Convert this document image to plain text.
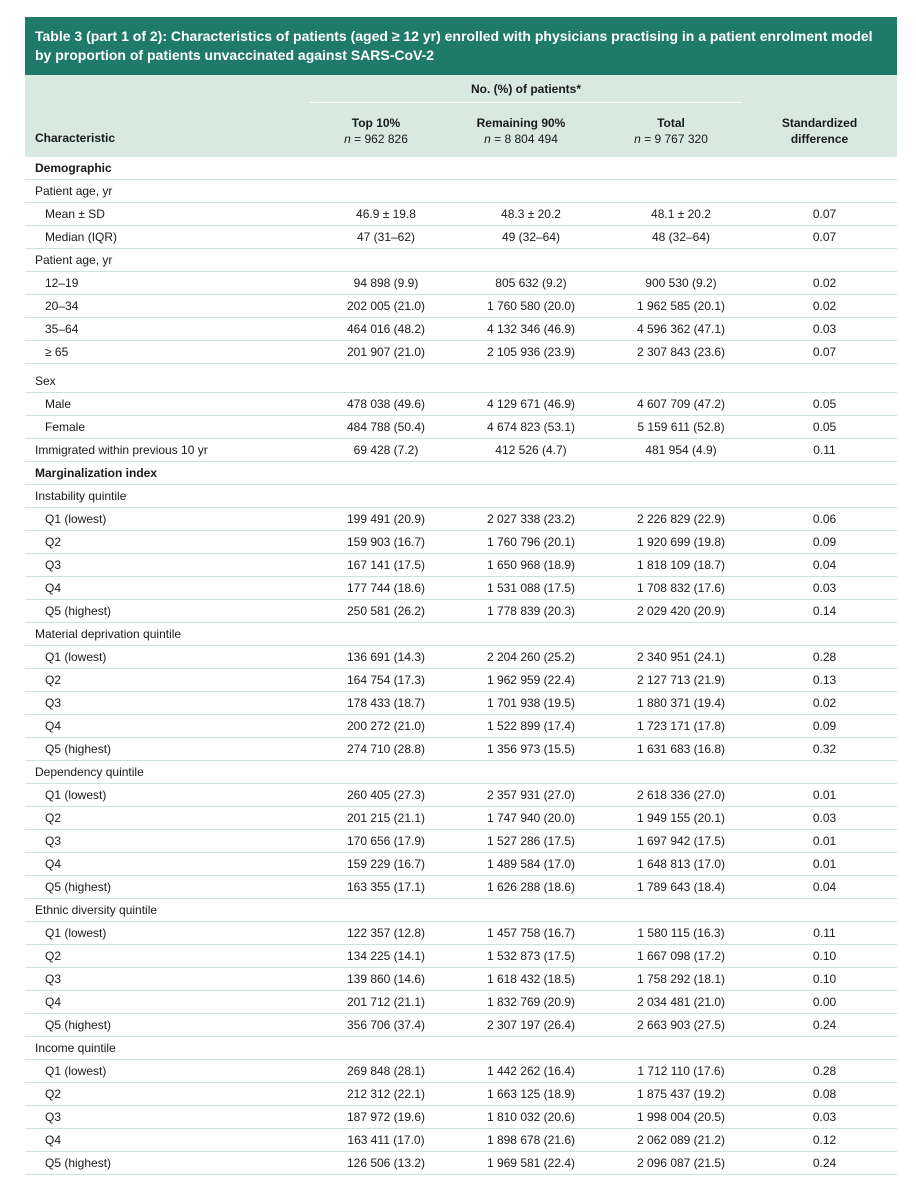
Table 3 (part 1 of 2): Characteristics of patients (aged ≥ 12 yr) enrolled with physicians practising in a patient enrolment model by proportion of patients unvaccinated against SARS-CoV-2
No. (%) of patients*
Top 10%
n = 962 826
Remaining 90%
n = 8 804 494
Total
n = 9 767 320
Standardized
difference
Characteristic
Demographic				
Patient age, yr				
Mean ± SD	46.9 ± 19.8	48.3 ± 20.2	48.1 ± 20.2	0.07
Median (IQR)	47 (31–62)	49 (32–64)	48 (32–64)	0.07
Patient age, yr				
12–19	94 898 (9.9)	805 632 (9.2)	900 530 (9.2)	0.02
20–34	202 005 (21.0)	1 760 580 (20.0)	1 962 585 (20.1)	0.02
35–64	464 016 (48.2)	4 132 346 (46.9)	4 596 362 (47.1)	0.03
≥ 65	201 907 (21.0)	2 105 936 (23.9)	2 307 843 (23.6)	0.07

Sex				
Male	478 038 (49.6)	4 129 671 (46.9)	4 607 709 (47.2)	0.05
Female	484 788 (50.4)	4 674 823 (53.1)	5 159 611 (52.8)	0.05
Immigrated within previous 10 yr	69 428 (7.2)	412 526 (4.7)	481 954 (4.9)	0.11
Marginalization index				
Instability quintile				
Q1 (lowest)	199 491 (20.9)	2 027 338 (23.2)	2 226 829 (22.9)	0.06
Q2	159 903 (16.7)	1 760 796 (20.1)	1 920 699 (19.8)	0.09
Q3	167 141 (17.5)	1 650 968 (18.9)	1 818 109 (18.7)	0.04
Q4	177 744 (18.6)	1 531 088 (17.5)	1 708 832 (17.6)	0.03
Q5 (highest)	250 581 (26.2)	1 778 839 (20.3)	2 029 420 (20.9)	0.14
Material deprivation quintile				
Q1 (lowest)	136 691 (14.3)	2 204 260 (25.2)	2 340 951 (24.1)	0.28
Q2	164 754 (17.3)	1 962 959 (22.4)	2 127 713 (21.9)	0.13
Q3	178 433 (18.7)	1 701 938 (19.5)	1 880 371 (19.4)	0.02
Q4	200 272 (21.0)	1 522 899 (17.4)	1 723 171 (17.8)	0.09
Q5 (highest)	274 710 (28.8)	1 356 973 (15.5)	1 631 683 (16.8)	0.32
Dependency quintile				
Q1 (lowest)	260 405 (27.3)	2 357 931 (27.0)	2 618 336 (27.0)	0.01
Q2	201 215 (21.1)	1 747 940 (20.0)	1 949 155 (20.1)	0.03
Q3	170 656 (17.9)	1 527 286 (17.5)	1 697 942 (17.5)	0.01
Q4	159 229 (16.7)	1 489 584 (17.0)	1 648 813 (17.0)	0.01
Q5 (highest)	163 355 (17.1)	1 626 288 (18.6)	1 789 643 (18.4)	0.04
Ethnic diversity quintile				
Q1 (lowest)	122 357 (12.8)	1 457 758 (16.7)	1 580 115 (16.3)	0.11
Q2	134 225 (14.1)	1 532 873 (17.5)	1 667 098 (17.2)	0.10
Q3	139 860 (14.6)	1 618 432 (18.5)	1 758 292 (18.1)	0.10
Q4	201 712 (21.1)	1 832 769 (20.9)	2 034 481 (21.0)	0.00
Q5 (highest)	356 706 (37.4)	2 307 197 (26.4)	2 663 903 (27.5)	0.24
Income quintile				
Q1 (lowest)	269 848 (28.1)	1 442 262 (16.4)	1 712 110 (17.6)	0.28
Q2	212 312 (22.1)	1 663 125 (18.9)	1 875 437 (19.2)	0.08
Q3	187 972 (19.6)	1 810 032 (20.6)	1 998 004 (20.5)	0.03
Q4	163 411 (17.0)	1 898 678 (21.6)	2 062 089 (21.2)	0.12
Q5 (highest)	126 506 (13.2)	1 969 581 (22.4)	2 096 087 (21.5)	0.24
